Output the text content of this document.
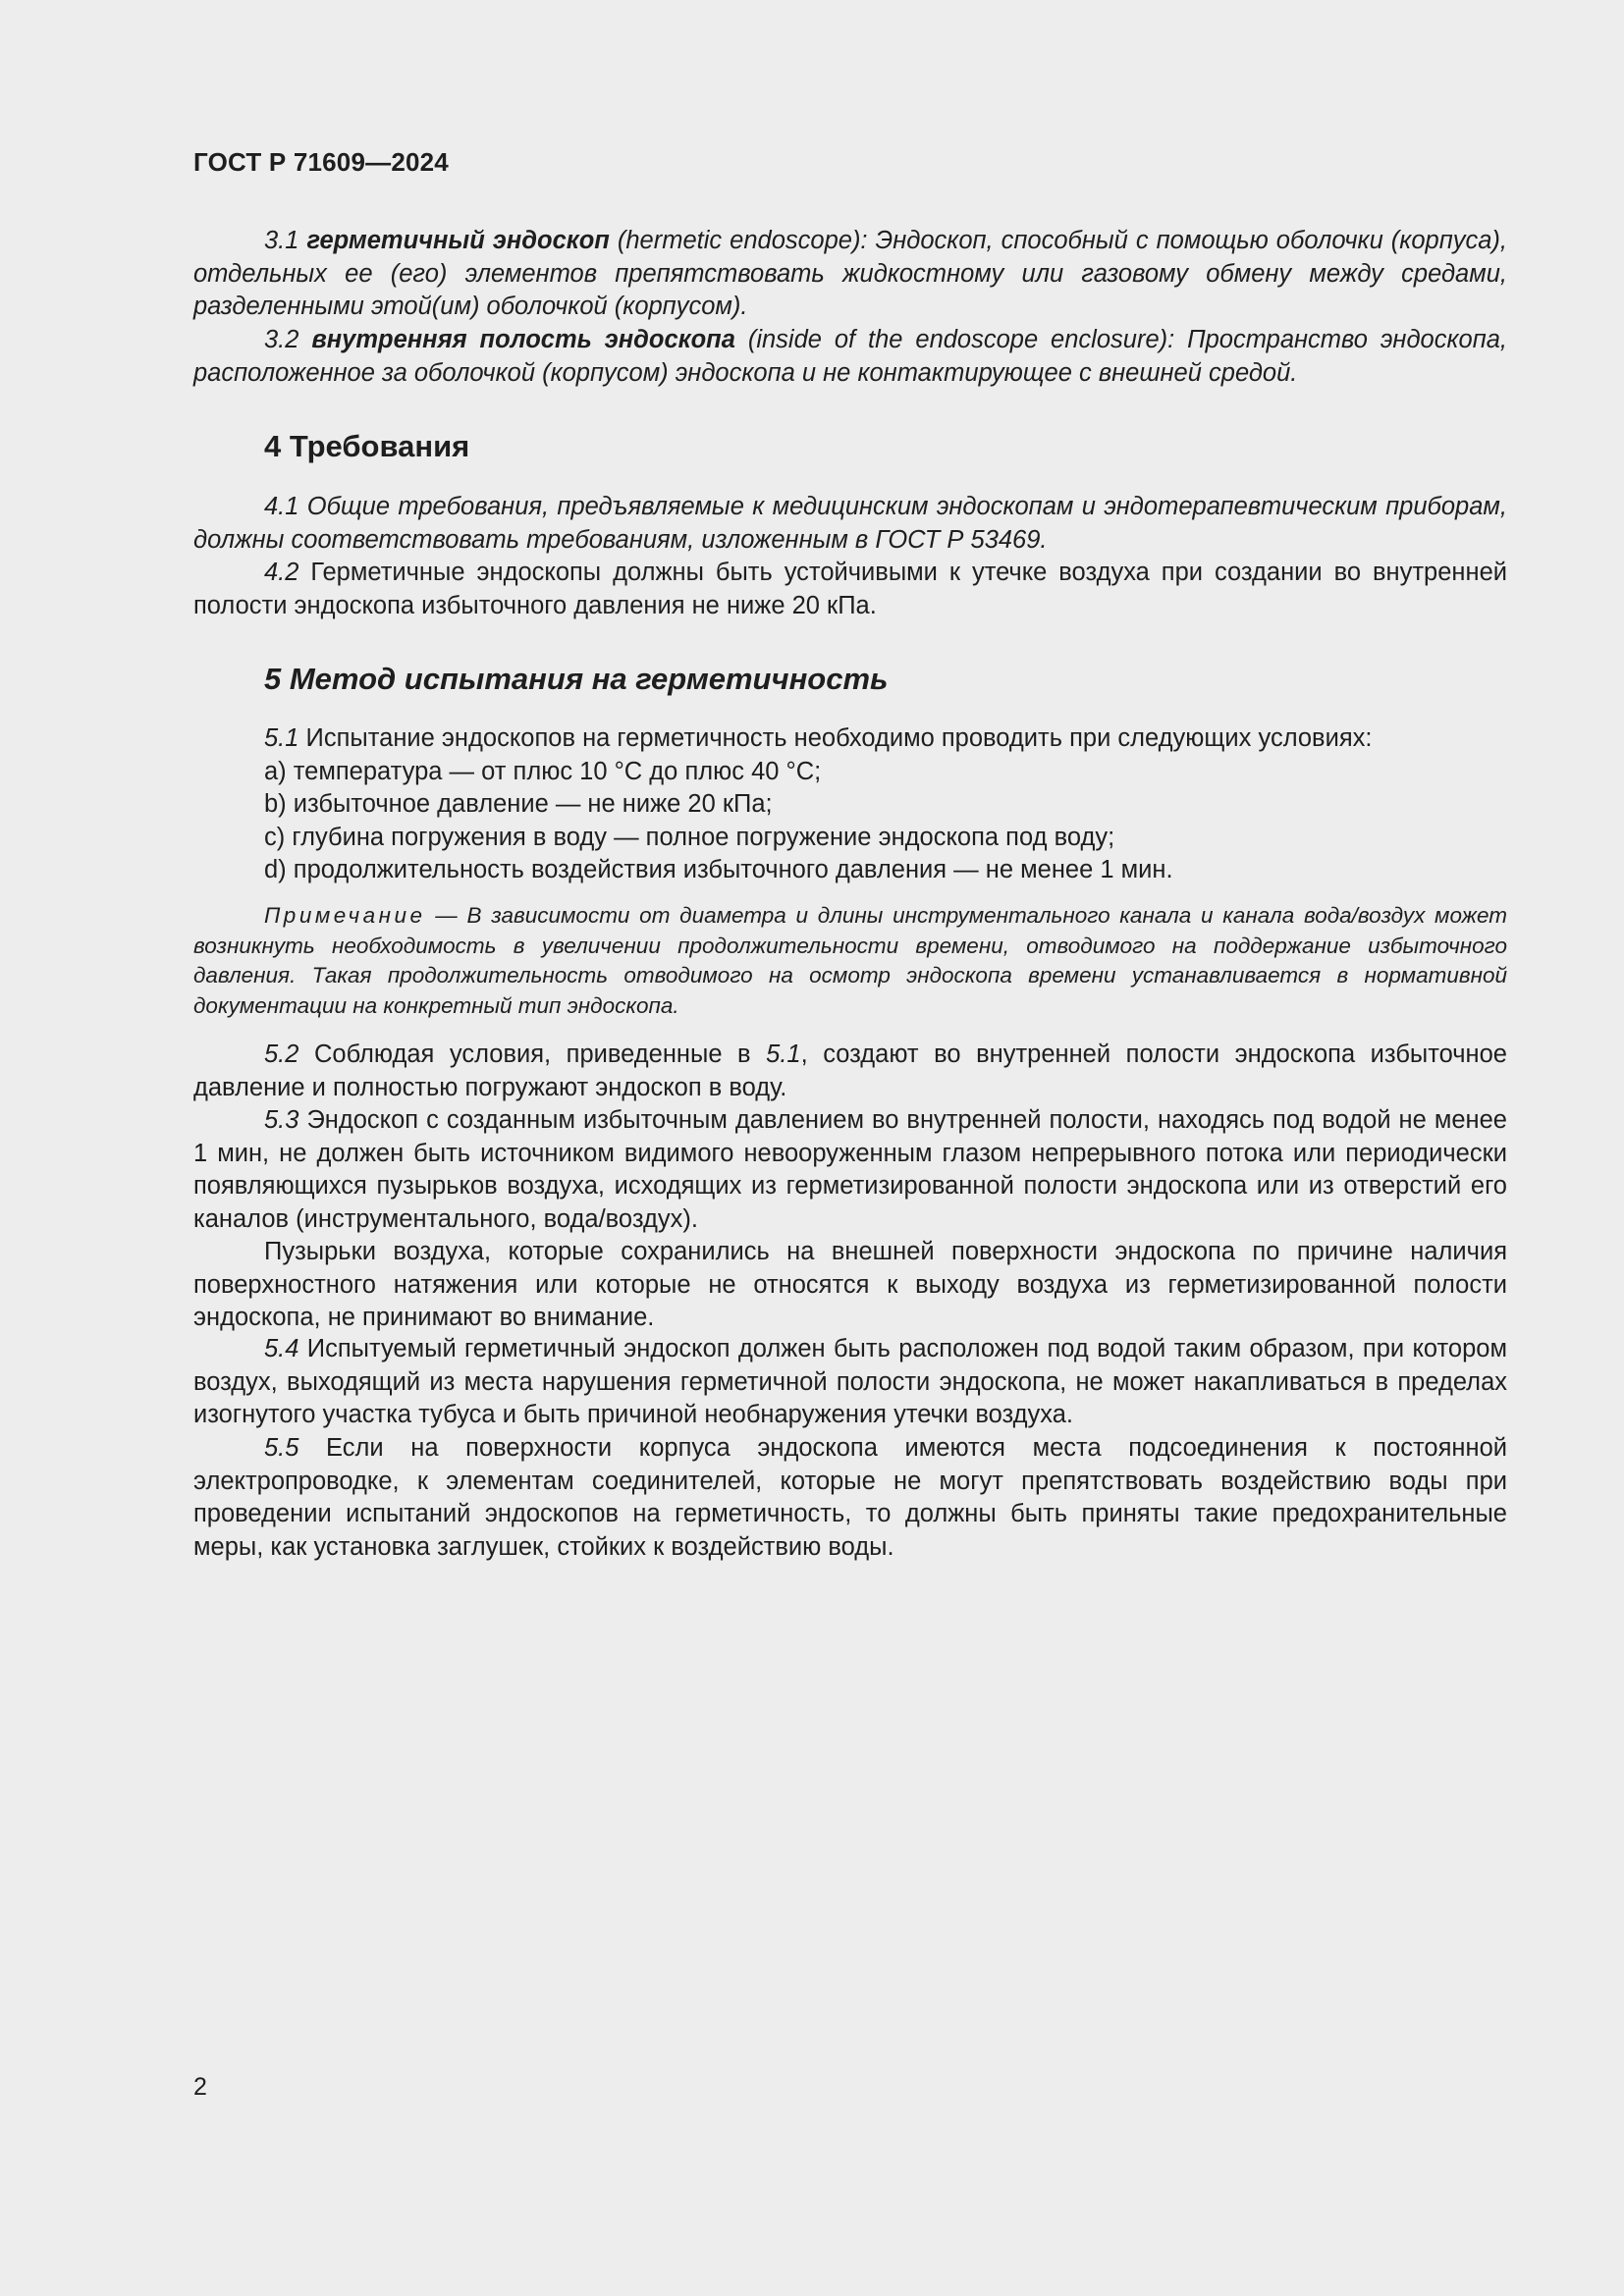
ГОСТ Р 71609—2024
3.1 герметичный эндоскоп (hermetic endoscope): Эндоскоп, способный с помощью оболочки (корпуса), отдельных ее (его) элементов препятствовать жидкостному или газовому обмену между средами, разделенными этой(им) оболочкой (корпусом).
3.2 внутренняя полость эндоскопа (inside of the endoscope enclosure): Пространство эндоскопа, расположенное за оболочкой (корпусом) эндоскопа и не контактирующее с внешней средой.
4 Требования
4.1 Общие требования, предъявляемые к медицинским эндоскопам и эндотерапевтическим приборам, должны соответствовать требованиям, изложенным в ГОСТ Р 53469.
4.2 Герметичные эндоскопы должны быть устойчивыми к утечке воздуха при создании во внутренней полости эндоскопа избыточного давления не ниже 20 кПа.
5 Метод испытания на герметичность
5.1 Испытание эндоскопов на герметичность необходимо проводить при следующих условиях:
a) температура — от плюс 10 °С до плюс 40 °С;
b) избыточное давление — не ниже 20 кПа;
c) глубина погружения в воду — полное погружение эндоскопа под воду;
d) продолжительность воздействия избыточного давления — не менее 1 мин.
Примечание — В зависимости от диаметра и длины инструментального канала и канала вода/воздух может возникнуть необходимость в увеличении продолжительности времени, отводимого на поддержание избыточного давления. Такая продолжительность отводимого на осмотр эндоскопа времени устанавливается в нормативной документации на конкретный тип эндоскопа.
5.2 Соблюдая условия, приведенные в 5.1, создают во внутренней полости эндоскопа избыточное давление и полностью погружают эндоскоп в воду.
5.3 Эндоскоп с созданным избыточным давлением во внутренней полости, находясь под водой не менее 1 мин, не должен быть источником видимого невооруженным глазом непрерывного потока или периодически появляющихся пузырьков воздуха, исходящих из герметизированной полости эндоскопа или из отверстий его каналов (инструментального, вода/воздух).
Пузырьки воздуха, которые сохранились на внешней поверхности эндоскопа по причине наличия поверхностного натяжения или которые не относятся к выходу воздуха из герметизированной полости эндоскопа, не принимают во внимание.
5.4 Испытуемый герметичный эндоскоп должен быть расположен под водой таким образом, при котором воздух, выходящий из места нарушения герметичной полости эндоскопа, не может накапливаться в пределах изогнутого участка тубуса и быть причиной необнаружения утечки воздуха.
5.5 Если на поверхности корпуса эндоскопа имеются места подсоединения к постоянной электропроводке, к элементам соединителей, которые не могут препятствовать воздействию воды при проведении испытаний эндоскопов на герметичность, то должны быть приняты такие предохранительные меры, как установка заглушек, стойких к воздействию воды.
2
